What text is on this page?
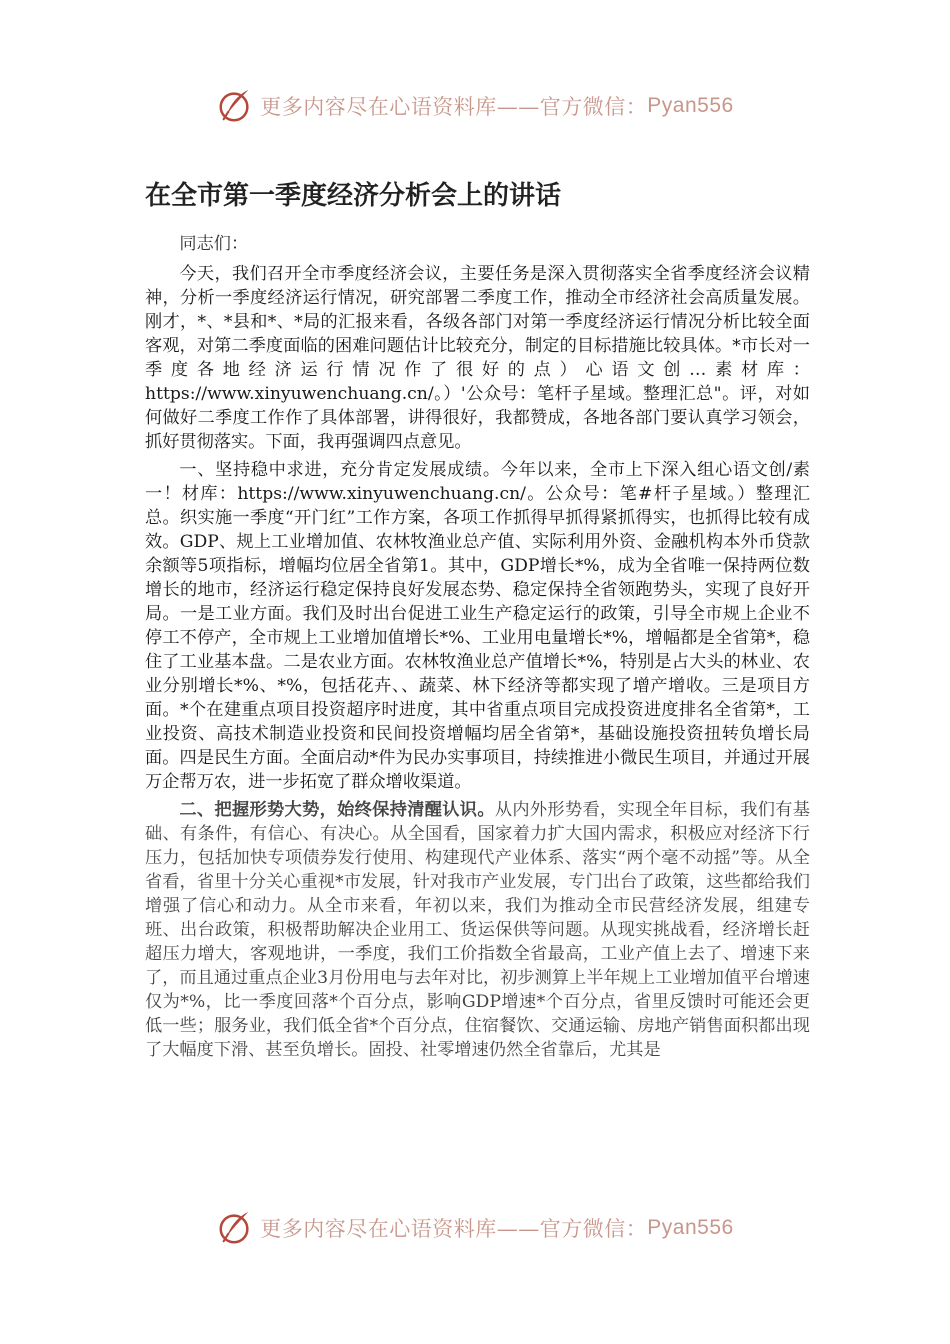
更多内容尽在心语资料库——官方微信： Pyan556
在全市第一季度经济分析会上的讲话

同志们：

今天，我们召开全市季度经济会议，主要任务是深入贯彻落实全省季度经济会议精神，分析一季度经济运行情况，研究部署二季度工作，推动全市经济社会高质量发展。刚才，*、*县和*、*局的汇报来看，各级各部门对第一季度经济运行情况分析比较全面客观，对第二季度面临的困难问题估计比较充分，制定的目标措施比较具体。*市长对一季度各地经济运行情况作了很好的点）心语文创…素材库：https://www.xinyuwenchuang.cn/。）'公众号：笔杆子星域。整理汇总"。评，对如何做好二季度工作作了具体部署，讲得很好，我都赞成，各地各部门要认真学习领会，抓好贯彻落实。下面，我再强调四点意见。

一、坚持稳中求进，充分肯定发展成绩。今年以来，全市上下深入组心语文创/素一！材库：https://www.xinyuwenchuang.cn/。公众号：笔#杆子星域。）整理汇总。织实施一季度“开门红”工作方案，各项工作抓得早抓得紧抓得实，也抓得比较有成效。GDP、规上工业增加值、农林牧渔业总产值、实际利用外资、金融机构本外币贷款余额等5项指标，增幅均位居全省第1。其中，GDP增长*%，成为全省唯一保持两位数增长的地市，经济运行稳定保持良好发展态势、稳定保持全省领跑势头，实现了良好开局。一是工业方面。我们及时出台促进工业生产稳定运行的政策，引导全市规上企业不停工不停产，全市规上工业增加值增长*%、工业用电量增长*%，增幅都是全省第*，稳住了工业基本盘。二是农业方面。农林牧渔业总产值增长*%，特别是占大头的林业、农业分别增长*%、*%，包括花卉、、蔬菜、林下经济等都实现了增产增收。三是项目方面。*个在建重点项目投资超序时进度，其中省重点项目完成投资进度排名全省第*，工业投资、高技术制造业投资和民间投资增幅均居全省第*，基础设施投资扭转负增长局面。四是民生方面。全面启动*件为民办实事项目，持续推进小微民生项目，并通过开展万企帮万农，进一步拓宽了群众增收渠道。

二、把握形势大势，始终保持清醒认识。从内外形势看，实现全年目标，我们有基础、有条件，有信心、有决心。从全国看，国家着力扩大国内需求，积极应对经济下行压力，包括加快专项债券发行使用、构建现代产业体系、落实“两个毫不动摇”等。从全省看，省里十分关心重视*市发展，针对我市产业发展，专门出台了政策，这些都给我们增强了信心和动力。从全市来看，年初以来，我们为推动全市民营经济发展，组建专班、出台政策，积极帮助解决企业用工、货运保供等问题。从现实挑战看，经济增长赶超压力增大，客观地讲，一季度，我们工价指数全省最高，工业产值上去了、增速下来了，而且通过重点企业3月份用电与去年对比，初步测算上半年规上工业增加值平台增速仅为*%，比一季度回落*个百分点，影响GDP增速*个百分点，省里反馈时可能还会更低一些；服务业，我们低全省*个百分点，住宿餐饮、交通运输、房地产销售面积都出现了大幅度下滑、甚至负增长。固投、社零增速仍然全省靠后，尤其是

更多内容尽在心语资料库——官方微信： Pyan556
